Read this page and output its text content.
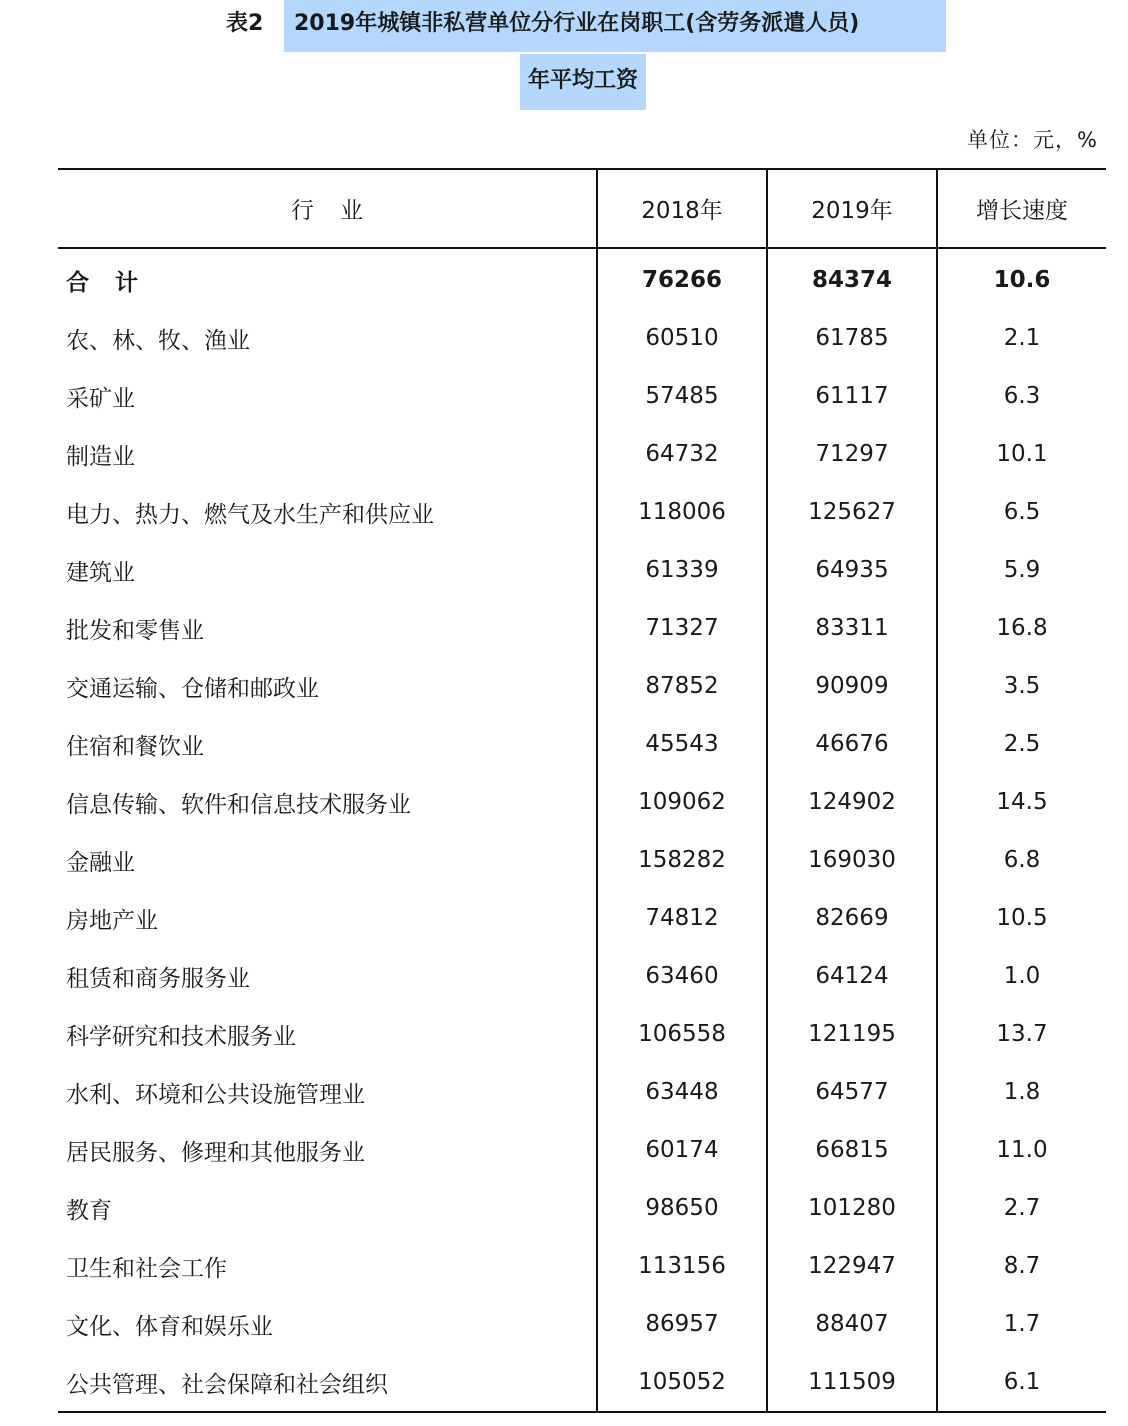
表2	2019年城镇非私营单位分行业在岗职工(含劳务派遣人员)
年平均工资
单位：元，%
行业	2018年	2019年	增长速度
合计	76266	84374	10.6
农、林、牧、渔业	60510	61785	2.1
采矿业	57485	61117	6.3
制造业	64732	71297	10.1
电力、热力、燃气及水生产和供应业	118006	125627	6.5
建筑业	61339	64935	5.9
批发和零售业	71327	83311	16.8
交通运输、仓储和邮政业	87852	90909	3.5
住宿和餐饮业	45543	46676	2.5
信息传输、软件和信息技术服务业	109062	124902	14.5
金融业	158282	169030	6.8
房地产业	74812	82669	10.5
租赁和商务服务业	63460	64124	1.0
科学研究和技术服务业	106558	121195	13.7
水利、环境和公共设施管理业	63448	64577	1.8
居民服务、修理和其他服务业	60174	66815	11.0
教育	98650	101280	2.7
卫生和社会工作	113156	122947	8.7
文化、体育和娱乐业	86957	88407	1.7
公共管理、社会保障和社会组织	105052	111509	6.1
